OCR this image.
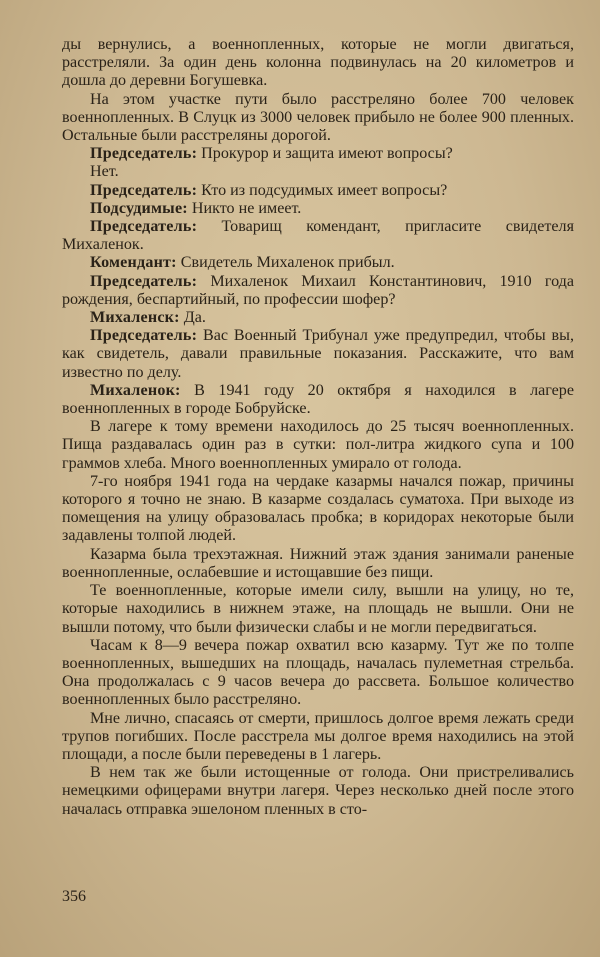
ды вернулись, а военнопленных, которые не могли двигаться, расстреляли. За один день колонна подвинулась на 20 километров и дошла до деревни Богушевка.

На этом участке пути было расстреляно более 700 человек военнопленных. В Слуцк из 3000 человек прибыло не более 900 пленных. Остальные были расстреляны дорогой.

Председатель: Прокурор и защита имеют вопросы?

Нет.

Председатель: Кто из подсудимых имеет вопросы?

Подсудимые: Никто не имеет.

Председатель: Товарищ комендант, пригласите свидетеля Михаленок.

Комендант: Свидетель Михаленок прибыл.

Председатель: Михаленок Михаил Константинович, 1910 года рождения, беспартийный, по профессии шофер?

Михаленск: Да.

Председатель: Вас Военный Трибунал уже предупредил, чтобы вы, как свидетель, давали правильные показания. Расскажите, что вам известно по делу.

Михаленок: В 1941 году 20 октября я находился в лагере военнопленных в городе Бобруйске.

В лагере к тому времени находилось до 25 тысяч военнопленных. Пища раздавалась один раз в сутки: пол-литра жидкого супа и 100 граммов хлеба. Много военнопленных умирало от голода.

7-го ноября 1941 года на чердаке казармы начался пожар, причины которого я точно не знаю. В казарме создалась суматоха. При выходе из помещения на улицу образовалась пробка; в коридорах некоторые были задавлены толпой людей.

Казарма была трехэтажная. Нижний этаж здания занимали раненые военнопленные, ослабевшие и истощавшие без пищи.

Те военнопленные, которые имели силу, вышли на улицу, но те, которые находились в нижнем этаже, на площадь не вышли. Они не вышли потому, что были физически слабы и не могли передвигаться.

Часам к 8—9 вечера пожар охватил всю казарму. Тут же по толпе военнопленных, вышедших на площадь, началась пулеметная стрельба. Она продолжалась с 9 часов вечера до рассвета. Большое количество военнопленных было расстреляно.

Мне лично, спасаясь от смерти, пришлось долгое время лежать среди трупов погибших. После расстрела мы долгое время находились на этой площади, а после были переведены в 1 лагерь.

В нем так же были истощенные от голода. Они пристреливались немецкими офицерами внутри лагеря. Через несколько дней после этого началась отправка эшелоном пленных в сто-

356
